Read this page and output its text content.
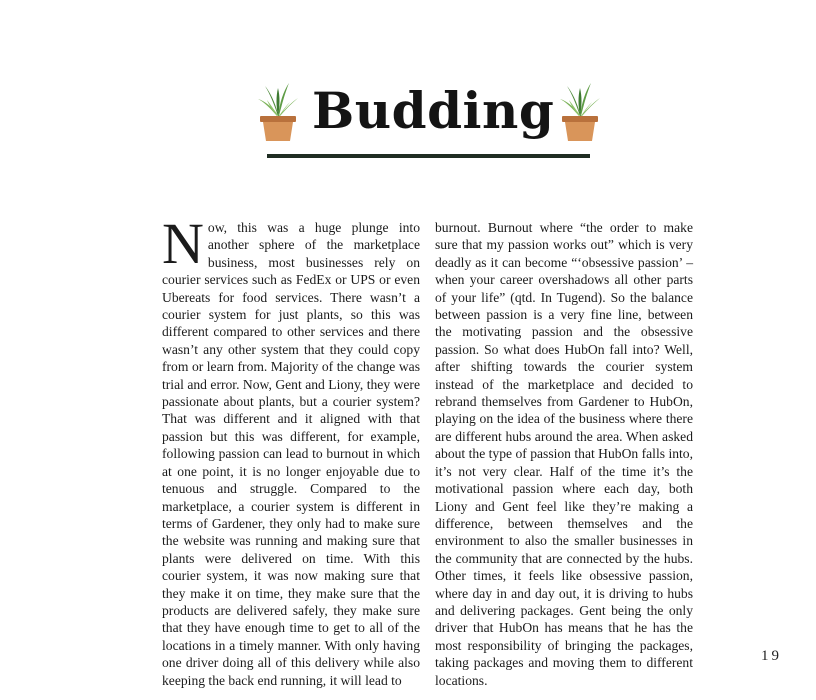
Budding
Now, this was a huge plunge into another sphere of the marketplace business, most businesses rely on courier services such as FedEx or UPS or even Ubereats for food services. There wasn’t a courier system for just plants, so this was different compared to other services and there wasn’t any other system that they could copy from or learn from. Majority of the change was trial and error. Now, Gent and Liony, they were passionate about plants, but a courier system? That was different and it aligned with that passion but this was different, for example, following passion can lead to burnout in which at one point, it is no longer enjoyable due to tenuous and struggle. Compared to the marketplace, a courier system is different in terms of Gardener, they only had to make sure the website was running and making sure that plants were delivered on time. With this courier system, it was now making sure that they make it on time, they make sure that the products are delivered safely, they make sure that they have enough time to get to all of the locations in a timely manner. With only having one driver doing all of this delivery while also keeping the back end running, it will lead to
burnout. Burnout where “the order to make sure that my passion works out” which is very deadly as it can become “‘obsessive passion’ – when your career overshadows all other parts of your life” (qtd. In Tugend). So the balance between passion is a very fine line, between the motivating passion and the obsessive passion. So what does HubOn fall into? Well, after shifting towards the courier system instead of the marketplace and decided to rebrand themselves from Gardener to HubOn, playing on the idea of the business where there are different hubs around the area. When asked about the type of passion that HubOn falls into, it’s not very clear. Half of the time it’s the motivational passion where each day, both Liony and Gent feel like they’re making a difference, between themselves and the environment to also the smaller businesses in the community that are connected by the hubs. Other times, it feels like obsessive passion, where day in and day out, it is driving to hubs and delivering packages. Gent being the only driver that HubOn has means that he has the most responsibility of bringing the packages, taking packages and moving them to different locations.
19
